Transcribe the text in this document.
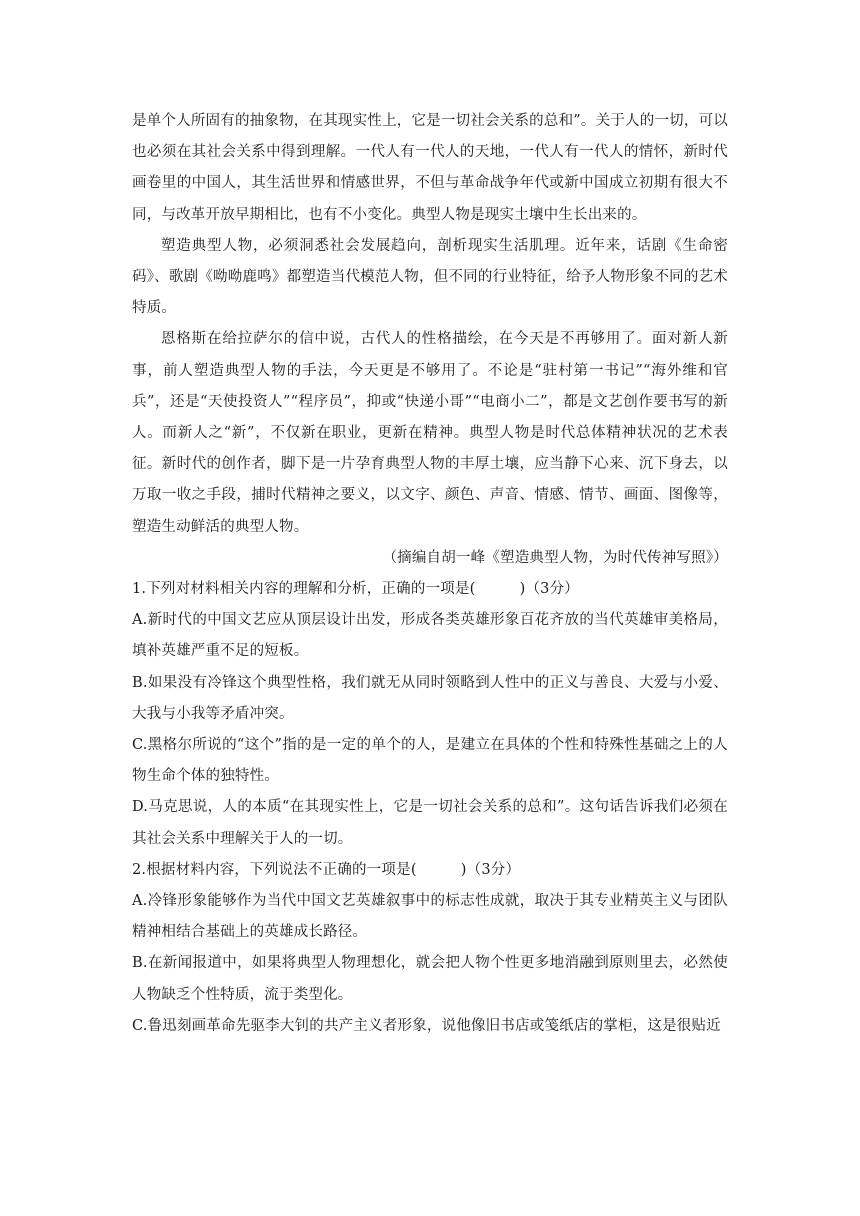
是单个人所固有的抽象物，在其现实性上，它是一切社会关系的总和”。关于人的一切，可以也必须在其社会关系中得到理解。一代人有一代人的天地，一代人有一代人的情怀，新时代画卷里的中国人，其生活世界和情感世界，不但与革命战争年代或新中国成立初期有很大不同，与改革开放早期相比，也有不小变化。典型人物是现实土壤中生长出来的。

塑造典型人物，必须洞悉社会发展趋向，剖析现实生活肌理。近年来，话剧《生命密码》、歌剧《呦呦鹿鸣》都塑造当代模范人物，但不同的行业特征，给予人物形象不同的艺术特质。

恩格斯在给拉萨尔的信中说，古代人的性格描绘，在今天是不再够用了。面对新人新事，前人塑造典型人物的手法，今天更是不够用了。不论是“驻村第一书记”“海外维和官兵”，还是“天使投资人”“程序员”，抑或“快递小哥”“电商小二”，都是文艺创作要书写的新人。而新人之“新”，不仅新在职业，更新在精神。典型人物是时代总体精神状况的艺术表征。新时代的创作者，脚下是一片孕育典型人物的丰厚土壤，应当静下心来、沉下身去，以万取一收之手段，捕时代精神之要义，以文字、颜色、声音、情感、情节、画面、图像等，塑造生动鲜活的典型人物。

（摘编自胡一峰《塑造典型人物，为时代传神写照》）

1.下列对材料相关内容的理解和分析，正确的一项是(　　　)（3分）

A.新时代的中国文艺应从顶层设计出发，形成各类英雄形象百花齐放的当代英雄审美格局，填补英雄严重不足的短板。

B.如果没有冷锋这个典型性格，我们就无从同时领略到人性中的正义与善良、大爱与小爱、大我与小我等矛盾冲突。

C.黑格尔所说的“这个”指的是一定的单个的人，是建立在具体的个性和特殊性基础之上的人物生命个体的独特性。

D.马克思说，人的本质“在其现实性上，它是一切社会关系的总和”。这句话告诉我们必须在其社会关系中理解关于人的一切。

2.根据材料内容，下列说法不正确的一项是(　　　)（3分）

A.冷锋形象能够作为当代中国文艺英雄叙事中的标志性成就，取决于其专业精英主义与团队精神相结合基础上的英雄成长路径。

B.在新闻报道中，如果将典型人物理想化，就会把人物个性更多地消融到原则里去，必然使人物缺乏个性特质，流于类型化。

C.鲁迅刻画革命先驱李大钊的共产主义者形象，说他像旧书店或笺纸店的掌柜，这是很贴近
